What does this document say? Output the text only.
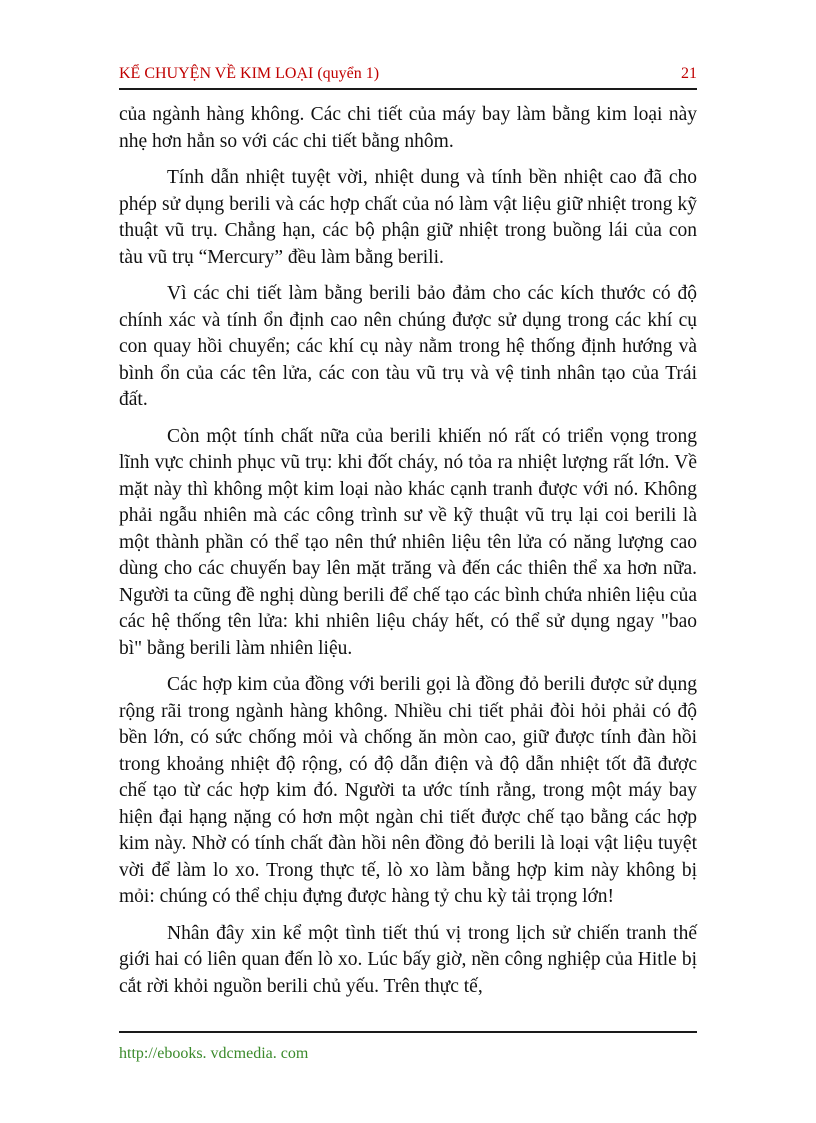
KỂ CHUYỆN VỀ KIM LOẠI (quyển 1)	21

của ngành hàng không. Các chi tiết của máy bay làm bằng kim loại này nhẹ hơn hẳn so với các chi tiết bằng nhôm.

Tính dẫn nhiệt tuyệt vời, nhiệt dung và tính bền nhiệt cao đã cho phép sử dụng berili và các hợp chất của nó làm vật liệu giữ nhiệt trong kỹ thuật vũ trụ. Chẳng hạn, các bộ phận giữ nhiệt trong buồng lái của con tàu vũ trụ “Mercury” đều làm bằng berili.

Vì các chi tiết làm bằng berili bảo đảm cho các kích thước có độ chính xác và tính ổn định cao nên chúng được sử dụng trong các khí cụ con quay hồi chuyển; các khí cụ này nằm trong hệ thống định hướng và bình ổn của các tên lửa, các con tàu vũ trụ và vệ tinh nhân tạo của Trái đất.

Còn một tính chất nữa của berili khiến nó rất có triển vọng trong lĩnh vực chinh phục vũ trụ: khi đốt cháy, nó tỏa ra nhiệt lượng rất lớn. Về mặt này thì không một kim loại nào khác cạnh tranh được với nó. Không phải ngẫu nhiên mà các công trình sư về kỹ thuật vũ trụ lại coi berili là một thành phần có thể tạo nên thứ nhiên liệu tên lửa có năng lượng cao dùng cho các chuyến bay lên mặt trăng và đến các thiên thể xa hơn nữa. Người ta cũng đề nghị dùng berili để chế tạo các bình chứa nhiên liệu của các hệ thống tên lửa: khi nhiên liệu cháy hết, có thể sử dụng ngay "bao bì" bằng berili làm nhiên liệu.

Các hợp kim của đồng với berili gọi là đồng đỏ berili được sử dụng rộng rãi trong ngành hàng không. Nhiều chi tiết phải đòi hỏi phải có độ bền lớn, có sức chống mỏi và chống ăn mòn cao, giữ được tính đàn hồi trong khoảng nhiệt độ rộng, có độ dẫn điện và độ dẫn nhiệt tốt đã được chế tạo từ các hợp kim đó. Người ta ước tính rằng, trong một máy bay hiện đại hạng nặng có hơn một ngàn chi tiết được chế tạo bằng các hợp kim này. Nhờ có tính chất đàn hồi nên đồng đỏ berili là loại vật liệu tuyệt vời để làm lo xo. Trong thực tế, lò xo làm bằng hợp kim này không bị mỏi: chúng có thể chịu đựng được hàng tỷ chu kỳ tải trọng lớn!

Nhân đây xin kể một tình tiết thú vị trong lịch sử chiến tranh thế giới hai có liên quan đến lò xo. Lúc bấy giờ, nền công nghiệp của Hitle bị cắt rời khỏi nguồn berili chủ yếu. Trên thực tế,

http://ebooks. vdcmedia. com
